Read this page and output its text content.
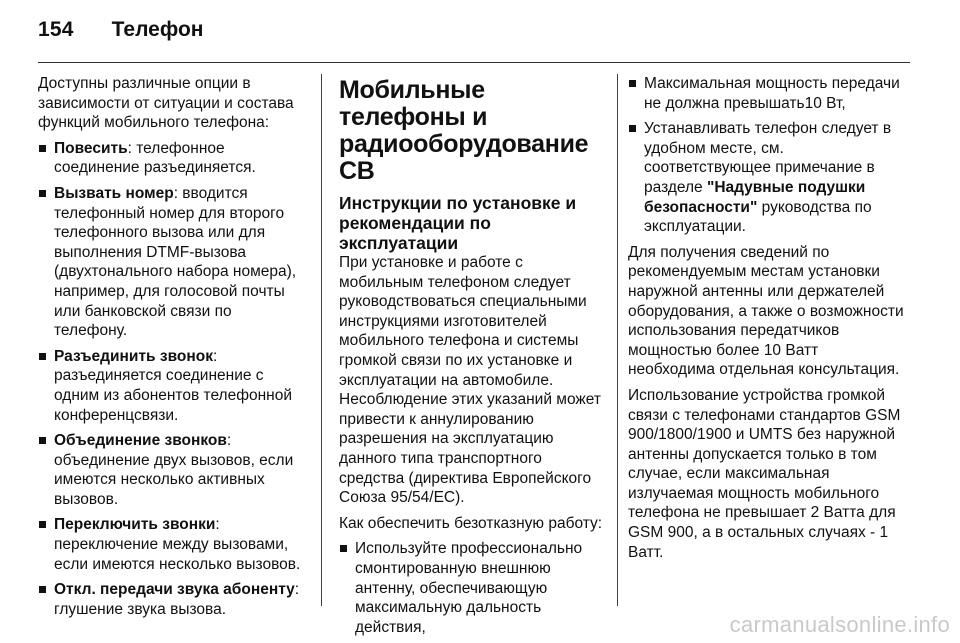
154 Телефон

Доступны различные опции в зависимости от ситуации и состава функций мобильного телефона:

Повесить: телефонное соединение разъединяется.
Вызвать номер: вводится телефонный номер для второго телефонного вызова или для выполнения DTMF-вызова (двухтонального набора номера), например, для голосовой почты или банковской связи по телефону.
Разъединить звонок: разъединяется соединение с одним из абонентов телефонной конференцсвязи.
Объединение звонков: объединение двух вызовов, если имеются несколько активных вызовов.
Переключить звонки: переключение между вызовами, если имеются несколько вызовов.
Откл. передачи звука абоненту: глушение звука вызова.
Мобильные телефоны и радиооборудование CB
Инструкции по установке и рекомендации по эксплуатации

При установке и работе с мобильным телефоном следует руководствоваться специальными инструкциями изготовителей мобильного телефона и системы громкой связи по их установке и эксплуатации на автомобиле. Несоблюдение этих указаний может привести к аннулированию разрешения на эксплуатацию данного типа транспортного средства (директива Европейского Союза 95/54/ЕС).

Как обеспечить безотказную работу:

Используйте профессионально смонтированную внешнюю антенну, обеспечивающую максимальную дальность действия,
Максимальная мощность передачи не должна превышать10 Вт,
Устанавливать телефон следует в удобном месте, см. соответствующее примечание в разделе "Надувные подушки безопасности" руководства по эксплуатации.

Для получения сведений по рекомендуемым местам установки наружной антенны или держателей оборудования, а также о возможности использования передатчиков мощностью более 10 Ватт необходима отдельная консультация.

Использование устройства громкой связи с телефонами стандартов GSM 900/1800/1900 и UMTS без наружной антенны допускается только в том случае, если максимальная излучаемая мощность мобильного телефона не превышает 2 Ватта для GSM 900, а в остальных случаях - 1 Ватт.

carmanualsonline.info
